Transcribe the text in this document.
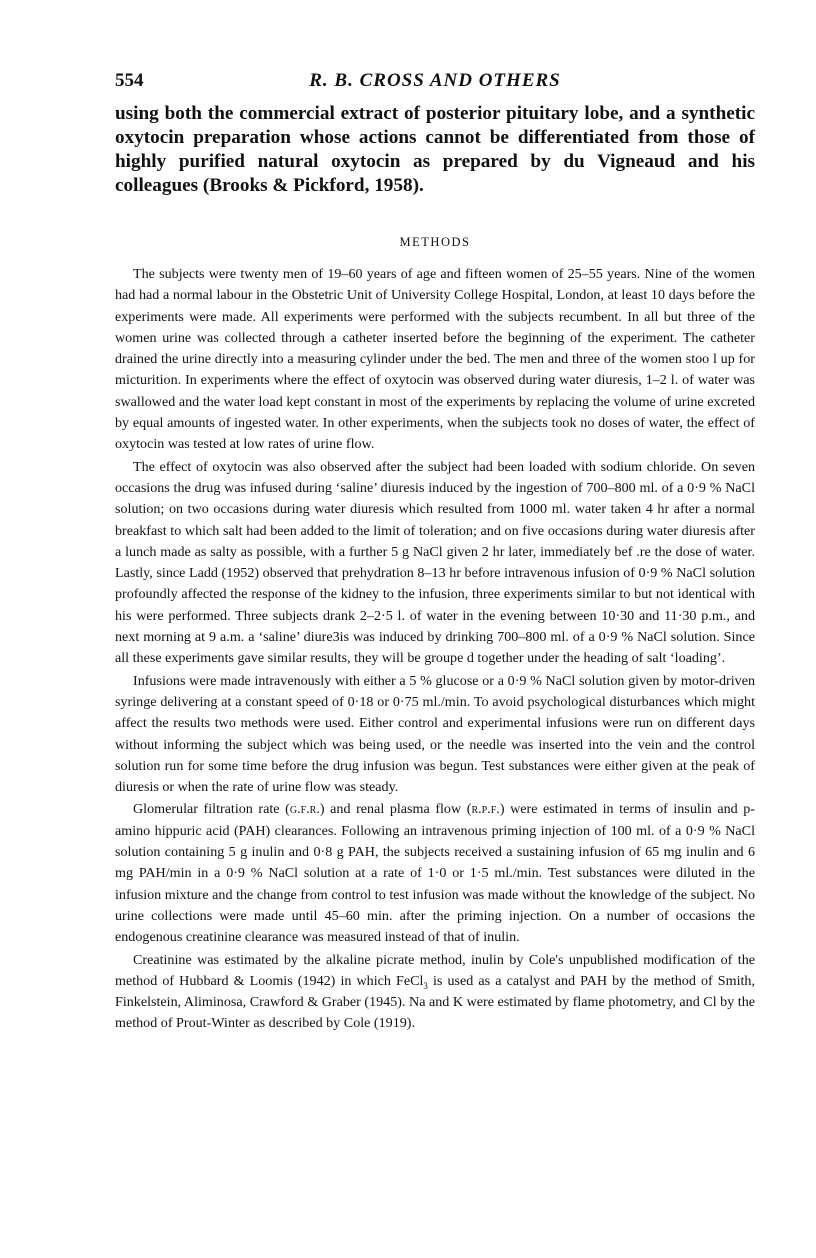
554	R. B. CROSS AND OTHERS

using both the commercial extract of posterior pituitary lobe, and a synthetic oxytocin preparation whose actions cannot be differentiated from those of highly purified natural oxytocin as prepared by du Vigneaud and his colleagues (Brooks & Pickford, 1958).

METHODS

The subjects were twenty men of 19–60 years of age and fifteen women of 25–55 years. Nine of the women had had a normal labour in the Obstetric Unit of University College Hospital, London, at least 10 days before the experiments were made. All experiments were performed with the subjects recumbent. In all but three of the women urine was collected through a catheter inserted before the beginning of the experiment. The catheter drained the urine directly into a measuring cylinder under the bed. The men and three of the women stoo l up for micturition. In experiments where the effect of oxytocin was observed during water diuresis, 1–2 l. of water was swallowed and the water load kept constant in most of the experiments by replacing the volume of urine excreted by equal amounts of ingested water. In other experiments, when the subjects took no doses of water, the effect of oxytocin was tested at low rates of urine flow.

The effect of oxytocin was also observed after the subject had been loaded with sodium chloride. On seven occasions the drug was infused during ‘saline’ diuresis induced by the ingestion of 700–800 ml. of a 0·9 % NaCl solution; on two occasions during water diuresis which resulted from 1000 ml. water taken 4 hr after a normal breakfast to which salt had been added to the limit of toleration; and on five occasions during water diuresis after a lunch made as salty as possible, with a further 5 g NaCl given 2 hr later, immediately bef .re the dose of water. Lastly, since Ladd (1952) observed that prehydration 8–13 hr before intravenous infusion of 0·9 % NaCl solution profoundly affected the response of the kidney to the infusion, three experiments similar to but not identical with his were performed. Three subjects drank 2–2·5 l. of water in the evening between 10·30 and 11·30 p.m., and next morning at 9 a.m. a ‘saline’ diure3is was induced by drinking 700–800 ml. of a 0·9 % NaCl solution. Since all these experiments gave similar results, they will be groupe d together under the heading of salt ‘loading’.

Infusions were made intravenously with either a 5 % glucose or a 0·9 % NaCl solution given by motor-driven syringe delivering at a constant speed of 0·18 or 0·75 ml./min. To avoid psychological disturbances which might affect the results two methods were used. Either control and experimental infusions were run on different days without informing the subject which was being used, or the needle was inserted into the vein and the control solution run for some time before the drug infusion was begun. Test substances were either given at the peak of diuresis or when the rate of urine flow was steady.

Glomerular filtration rate (g.f.r.) and renal plasma flow (r.p.f.) were estimated in terms of insulin and p-amino hippuric acid (PAH) clearances. Following an intravenous priming injection of 100 ml. of a 0·9 % NaCl solution containing 5 g inulin and 0·8 g PAH, the subjects received a sustaining infusion of 65 mg inulin and 6 mg PAH/min in a 0·9 % NaCl solution at a rate of 1·0 or 1·5 ml./min. Test substances were diluted in the infusion mixture and the change from control to test infusion was made without the knowledge of the subject. No urine collections were made until 45–60 min. after the priming injection. On a number of occasions the endogenous creatinine clearance was measured instead of that of inulin.

Creatinine was estimated by the alkaline picrate method, inulin by Cole's unpublished modification of the method of Hubbard & Loomis (1942) in which FeCl$_3$ is used as a catalyst and PAH by the method of Smith, Finkelstein, Aliminosa, Crawford & Graber (1945). Na and K were estimated by flame photometry, and Cl by the method of Prout-Winter as described by Cole (1919).
